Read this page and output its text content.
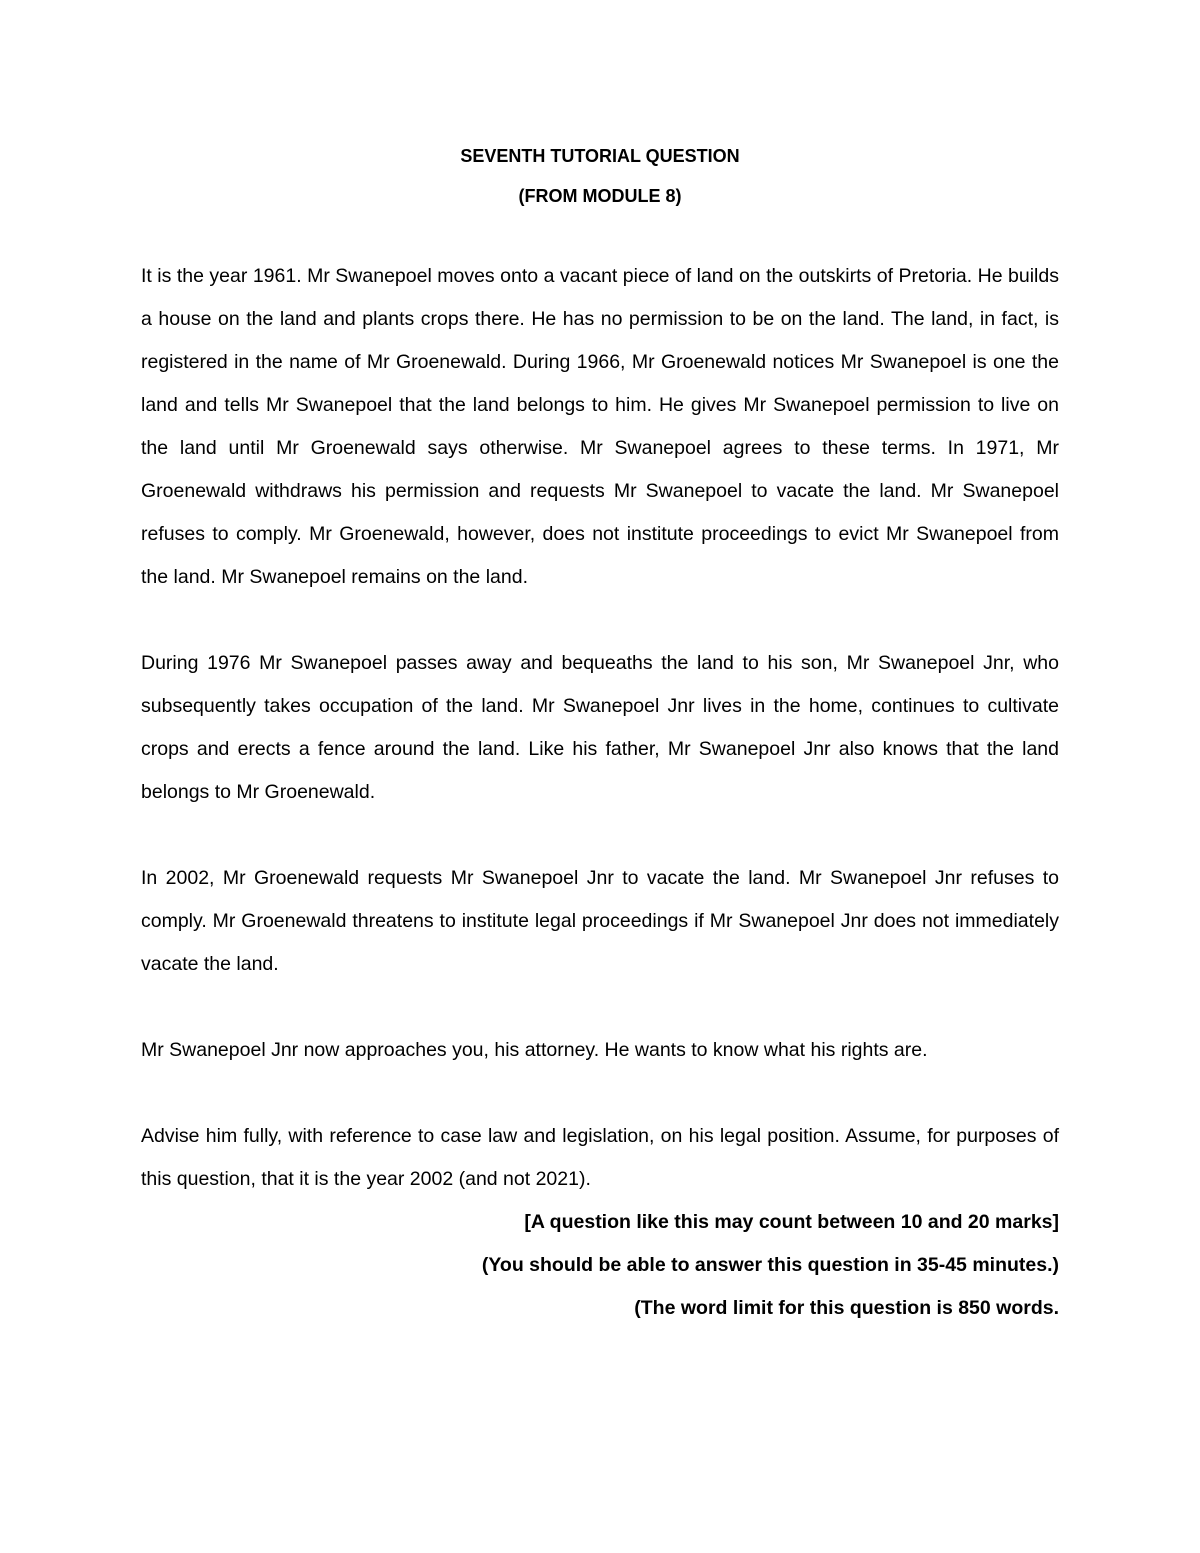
SEVENTH TUTORIAL QUESTION

(FROM MODULE 8)

It is the year 1961. Mr Swanepoel moves onto a vacant piece of land on the outskirts of Pretoria. He builds a house on the land and plants crops there. He has no permission to be on the land. The land, in fact, is registered in the name of Mr Groenewald. During 1966, Mr Groenewald notices Mr Swanepoel is one the land and tells Mr Swanepoel that the land belongs to him. He gives Mr Swanepoel permission to live on the land until Mr Groenewald says otherwise. Mr Swanepoel agrees to these terms. In 1971, Mr Groenewald withdraws his permission and requests Mr Swanepoel to vacate the land. Mr Swanepoel refuses to comply. Mr Groenewald, however, does not institute proceedings to evict Mr Swanepoel from the land. Mr Swanepoel remains on the land.

During 1976 Mr Swanepoel passes away and bequeaths the land to his son, Mr Swanepoel Jnr, who subsequently takes occupation of the land. Mr Swanepoel Jnr lives in the home, continues to cultivate crops and erects a fence around the land. Like his father, Mr Swanepoel Jnr also knows that the land belongs to Mr Groenewald.

In 2002, Mr Groenewald requests Mr Swanepoel Jnr to vacate the land. Mr Swanepoel Jnr refuses to comply. Mr Groenewald threatens to institute legal proceedings if Mr Swanepoel Jnr does not immediately vacate the land.

Mr Swanepoel Jnr now approaches you, his attorney. He wants to know what his rights are.

Advise him fully, with reference to case law and legislation, on his legal position. Assume, for purposes of this question, that it is the year 2002 (and not 2021).

[A question like this may count between 10 and 20 marks]

(You should be able to answer this question in 35-45 minutes.)

(The word limit for this question is 850 words.
